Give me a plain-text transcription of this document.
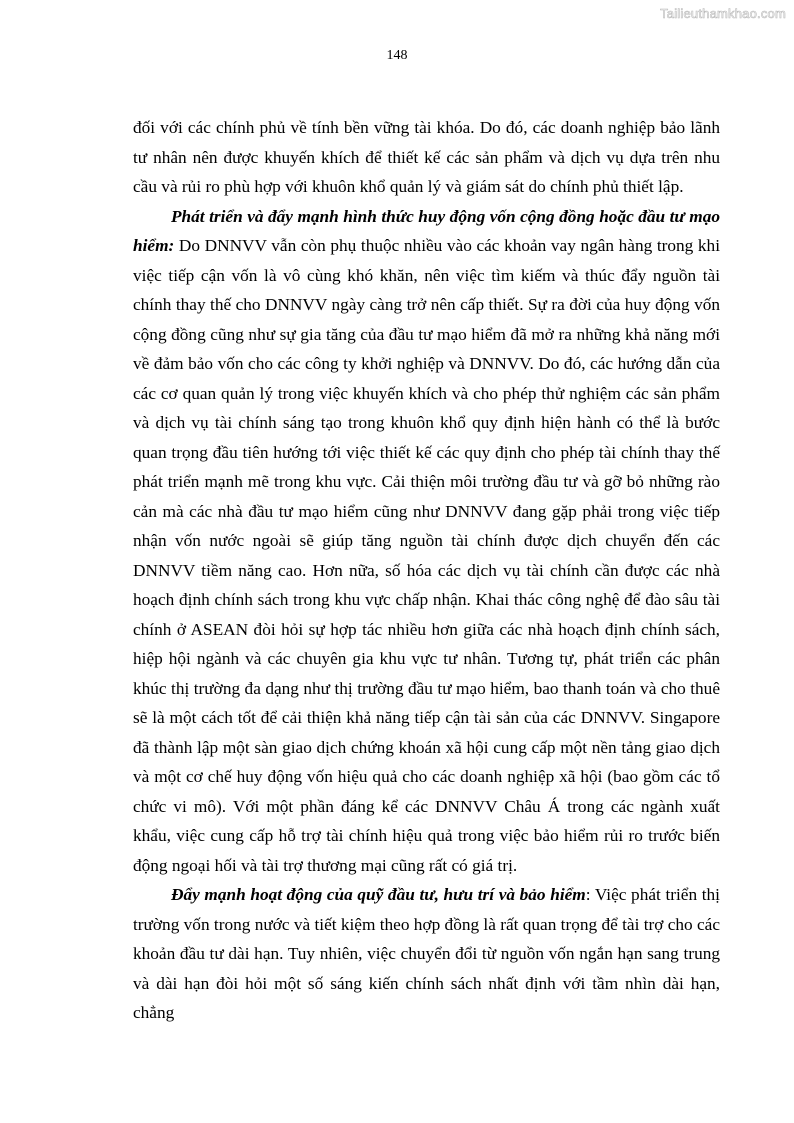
Tailieuthamkhao.com
148

đối với các chính phủ về tính bền vững tài khóa. Do đó, các doanh nghiệp bảo lãnh tư nhân nên được khuyến khích để thiết kế các sản phẩm và dịch vụ dựa trên nhu cầu và rủi ro phù hợp với khuôn khổ quản lý và giám sát do chính phủ thiết lập.

Phát triển và đẩy mạnh hình thức huy động vốn cộng đồng hoặc đầu tư mạo hiểm: Do DNNVV vẫn còn phụ thuộc nhiều vào các khoản vay ngân hàng trong khi việc tiếp cận vốn là vô cùng khó khăn, nên việc tìm kiếm và thúc đẩy nguồn tài chính thay thế cho DNNVV ngày càng trở nên cấp thiết. Sự ra đời của huy động vốn cộng đồng cũng như sự gia tăng của đầu tư mạo hiểm đã mở ra những khả năng mới về đảm bảo vốn cho các công ty khởi nghiệp và DNNVV. Do đó, các hướng dẫn của các cơ quan quản lý trong việc khuyến khích và cho phép thử nghiệm các sản phẩm và dịch vụ tài chính sáng tạo trong khuôn khổ quy định hiện hành có thể là bước quan trọng đầu tiên hướng tới việc thiết kế các quy định cho phép tài chính thay thế phát triển mạnh mẽ trong khu vực. Cải thiện môi trường đầu tư và gỡ bỏ những rào cản mà các nhà đầu tư mạo hiểm cũng như DNNVV đang gặp phải trong việc tiếp nhận vốn nước ngoài sẽ giúp tăng nguồn tài chính được dịch chuyển đến các DNNVV tiềm năng cao. Hơn nữa, số hóa các dịch vụ tài chính cần được các nhà hoạch định chính sách trong khu vực chấp nhận. Khai thác công nghệ để đào sâu tài chính ở ASEAN đòi hỏi sự hợp tác nhiều hơn giữa các nhà hoạch định chính sách, hiệp hội ngành và các chuyên gia khu vực tư nhân. Tương tự, phát triển các phân khúc thị trường đa dạng như thị trường đầu tư mạo hiểm, bao thanh toán và cho thuê sẽ là một cách tốt để cải thiện khả năng tiếp cận tài sản của các DNNVV. Singapore đã thành lập một sàn giao dịch chứng khoán xã hội cung cấp một nền tảng giao dịch và một cơ chế huy động vốn hiệu quả cho các doanh nghiệp xã hội (bao gồm các tổ chức vi mô). Với một phần đáng kể các DNNVV Châu Á trong các ngành xuất khẩu, việc cung cấp hỗ trợ tài chính hiệu quả trong việc bảo hiểm rủi ro trước biến động ngoại hối và tài trợ thương mại cũng rất có giá trị.

Đẩy mạnh hoạt động của quỹ đầu tư, hưu trí và bảo hiểm: Việc phát triển thị trường vốn trong nước và tiết kiệm theo hợp đồng là rất quan trọng để tài trợ cho các khoản đầu tư dài hạn. Tuy nhiên, việc chuyển đổi từ nguồn vốn ngắn hạn sang trung và dài hạn đòi hỏi một số sáng kiến chính sách nhất định với tầm nhìn dài hạn, chẳng
